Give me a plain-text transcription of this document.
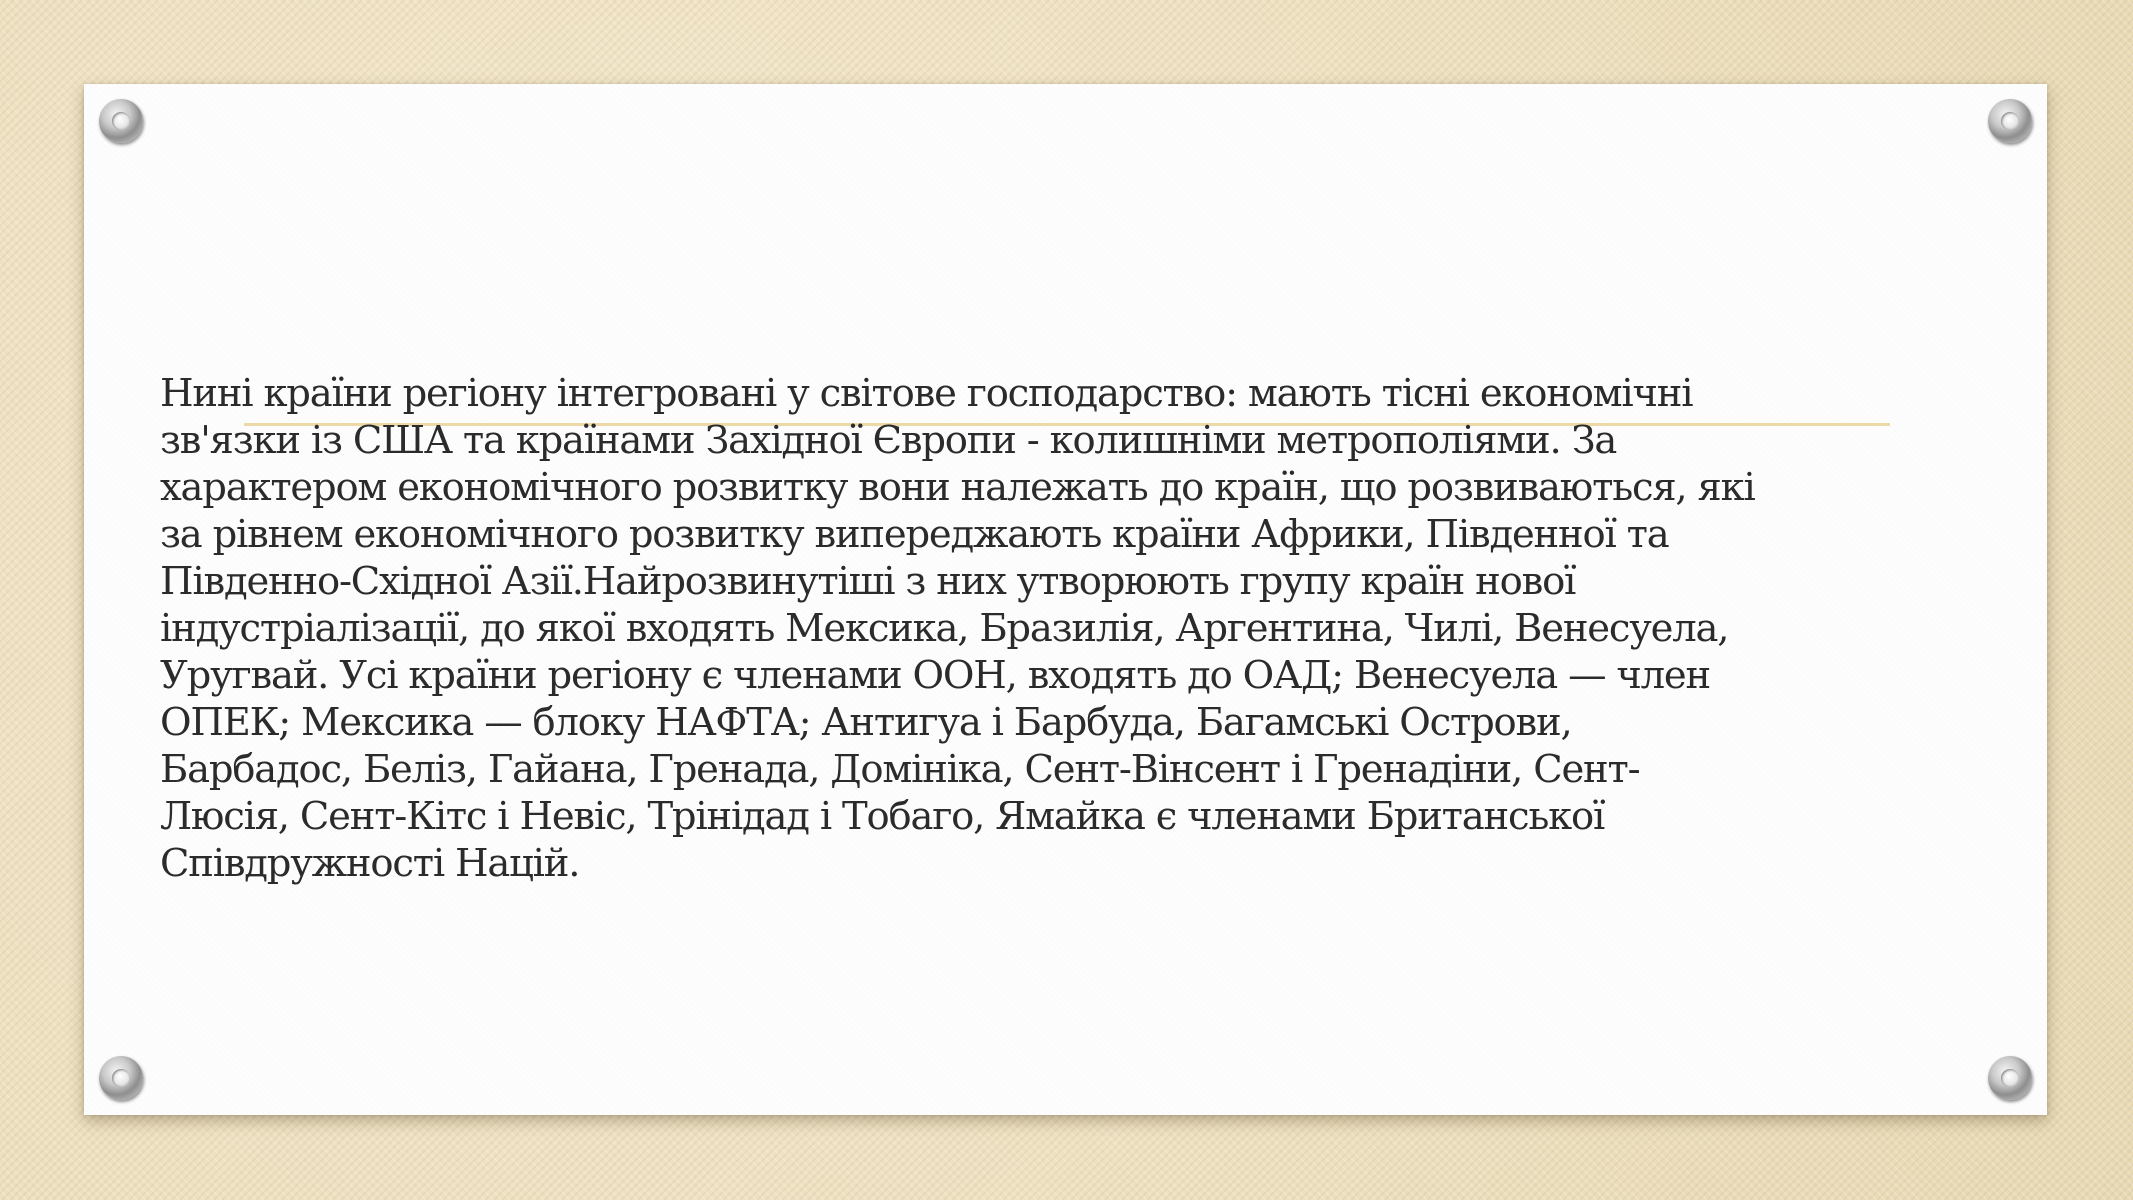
Нині країни регіону інтегровані у світове господарство: мають тісні економічні
зв'язки із США та країнами Західної Європи - колишніми метрополіями. За
характером економічного розвитку вони належать до країн, що розвиваються, які
за рівнем економічного розвитку випереджають країни Африки, Південної та
Південно-Східної Азії.Найрозвинутіші з них утворюють групу країн нової
індустріалізації, до якої входять Мексика, Бразилія, Аргентина, Чилі, Венесуела,
Уругвай. Усі країни регіону є членами ООН, входять до ОАД; Венесуела — член
ОПЕК; Мексика — блоку НАФТА; Антигуа і Барбуда, Багамські Острови,
Барбадос, Беліз, Гайана, Гренада, Домініка, Сент-Вінсент і Гренадіни, Сент-
Люсія, Сент-Кітс і Невіс, Трінідад і Тобаго, Ямайка є членами Британської
Співдружності Націй.
